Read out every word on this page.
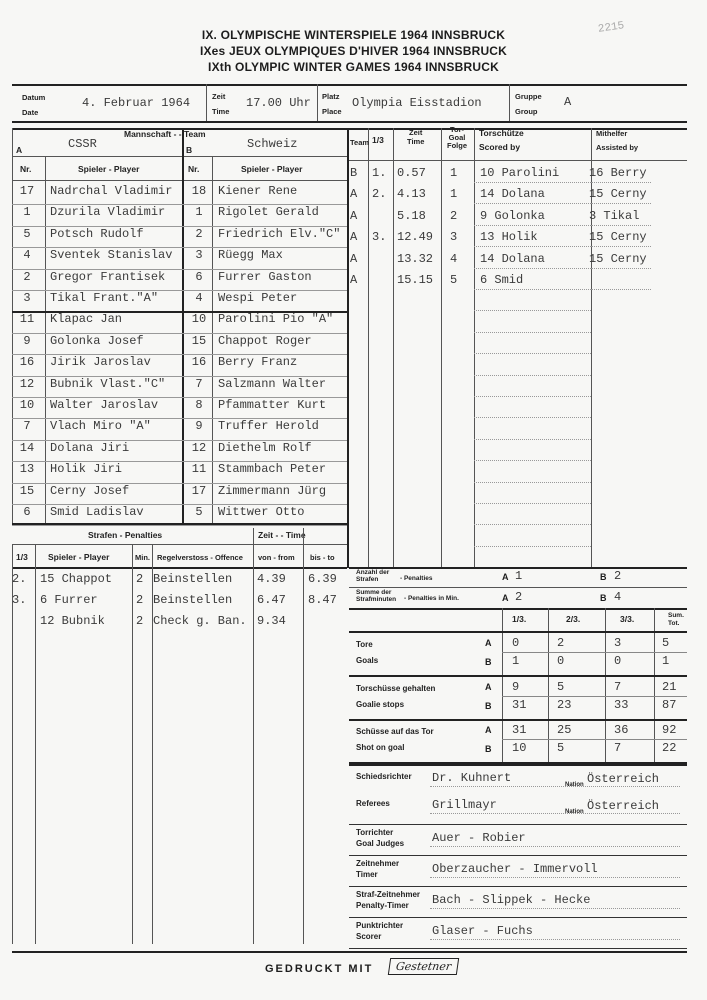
IX. OLYMPISCHE WINTERSPIELE 1964 INNSBRUCK
IXes JEUX OLYMPIQUES D'HIVER 1964 INNSBRUCK
IXth OLYMPIC WINTER GAMES 1964 INNSBRUCK
2215
Datum
Date
4. Februar 1964	Zeit
Time
17.00 Uhr Platz
Place
Olympia Eisstadion	Gruppe
Group
A
Mannschaft - - Team
A	B
CSSR	Schweiz
Nr.	Spieler - Player	Nr.	Spieler - Player
17	Nadrchal Vladimir
1	Dzurila Vladimir
5	Potsch Rudolf
4	Sventek Stanislav
2	Gregor Frantisek
3	Tikal Frant."A"
11	Klapac Jan
9	Golonka Josef
16	Jirik Jaroslav
12	Bubnik Vlast."C"
10	Walter Jaroslav
7	Vlach Miro "A"
14	Dolana Jiri
13	Holik Jiri
15	Cerny Josef
6	Smid Ladislav
18 Kiener Rene
1	Rigolet Gerald
2	Friedrich Elv."C"
3	Rüegg Max
6	Furrer Gaston
4	Wespi Peter
10 Parolini Pio "A"
15 Chappot Roger
16 Berry Franz
7	Salzmann Walter
8	Pfammatter Kurt
9	Truffer Herold
12 Diethelm Rolf
11 Stammbach Peter
17 Zimmermann Jürg
5	Wittwer Otto
Team 1/3
Zeit
Time
Tor-
Goal
Folge
Torschütze
Scored by
Mithelfer
Assisted by
B 1. 0.57 1 10 Parolini 16 Berry
A 2. 4.13 1 14 Dolana	15 Cerny
A	5.18 2 9 Golonka	3 Tikal
A 3. 12.49 3 13 Holik	15 Cerny
A	13.32 4 14 Dolana	15 Cerny
A	15.15 5 6 Smid
Strafen - Penalties	Zeit - - Time
1/3 Spieler - Player	Min. Regelverstoss - Offence von - from bis - to
2. 15 Chappot 2 Beinstellen 4.39 6.39
3. 6 Furrer	2 Beinstellen 6.47 8.47
12 Bubnik	2 Check g. Ban. 9.34
Anzahl der Strafen	- Penalties	A 1	B 2
Summe der Strafminuten	- Penalties in Min.	A 2	B 4
1/3.	2/3.	3/3.	Sum. Tot.
Tore
Goals
A
B
0	2	3	5
1	0	0	1
Torschüsse gehalten
Goalie stops
A
B
9	5	7	21
31	23	33	87
Schüsse auf das Tor
Shot on goal
A
B
31	25	36	92
10	5	7	22
Schiedsrichter Dr. Kuhnert	Nation Österreich
Referees	Grillmayr	Nation Österreich
Torrichter
Goal Judges Auer - Robier
Zeitnehmer
Timer	Oberzaucher - Immervoll
Straf-Zeitnehmer
Penalty-Timer Bach - Slippek - Hecke
Punktrichter
Scorer	Glaser - Fuchs
GEDRUCKT MIT	Gestetner
